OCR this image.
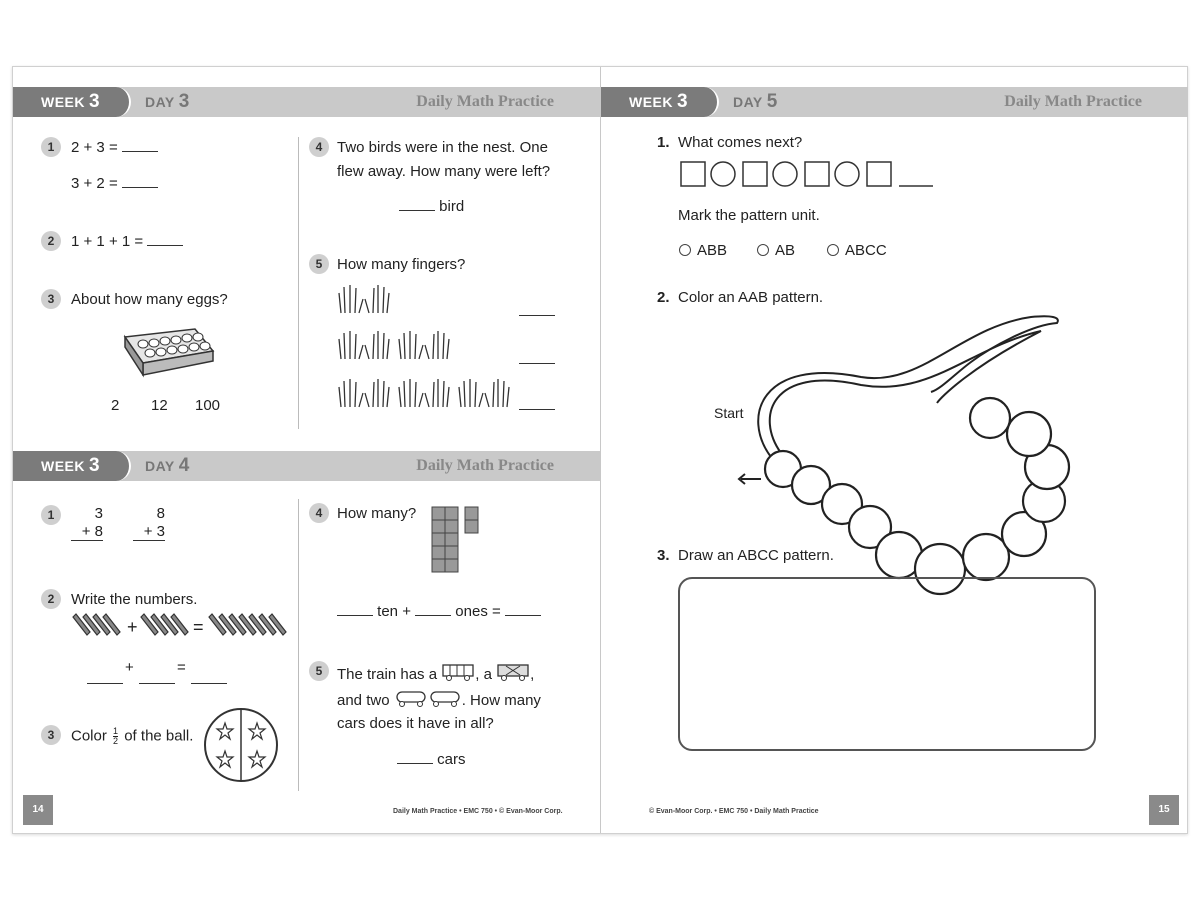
WEEK 3	DAY 3	Daily Math Practice
1	2 + 3 =
3 + 2 =
2	1 + 1 + 1 =
3	About how many eggs?
2 12 100
4 Two birds were in the nest. One
flew away. How many were left?
bird
5 How many fingers?
WEEK 3	DAY 4	Daily Math Practice
1	3
+ 8
8
+ 3
2	Write the numbers.
+	=
+	=
3	Color $\frac{1}{2}$ of the ball.
4 How many?
ten +	ones =
5 The train has a	, a	,
and two	. How many
cars does it have in all?
cars
14	Daily Math Practice • EMC 750 • © Evan-Moor Corp.
WEEK 3	DAY 5	Daily Math Practice
1. What comes next?
Mark the pattern unit.
ABB	AB	ABCC
2. Color an AAB pattern.
Start
3. Draw an ABCC pattern.
© Evan-Moor Corp. • EMC 750 • Daily Math Practice	15
